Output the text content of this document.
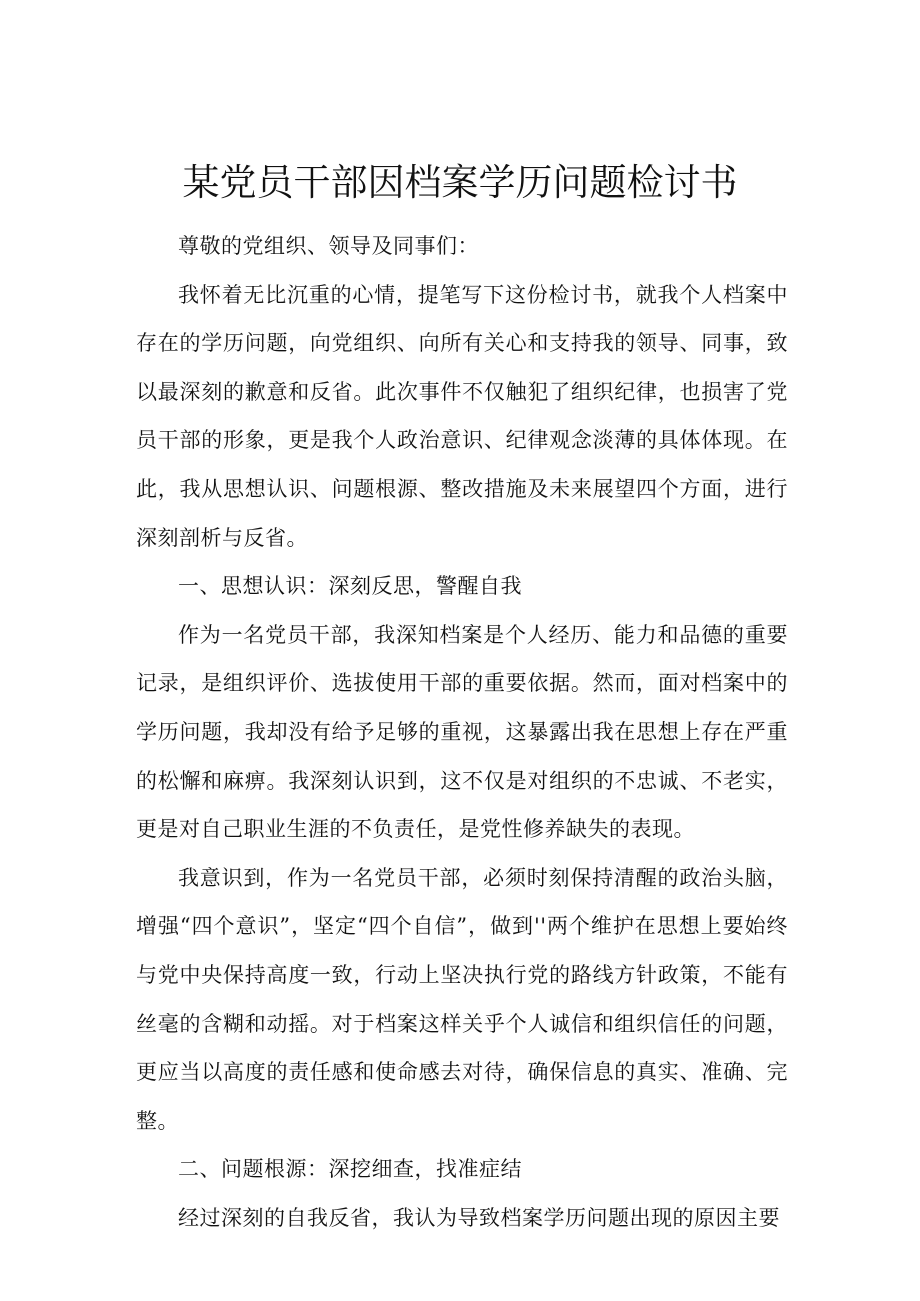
某党员干部因档案学历问题检讨书

尊敬的党组织、领导及同事们：

我怀着无比沉重的心情，提笔写下这份检讨书，就我个人档案中存在的学历问题，向党组织、向所有关心和支持我的领导、同事，致以最深刻的歉意和反省。此次事件不仅触犯了组织纪律，也损害了党员干部的形象，更是我个人政治意识、纪律观念淡薄的具体体现。在此，我从思想认识、问题根源、整改措施及未来展望四个方面，进行深刻剖析与反省。

一、思想认识：深刻反思，警醒自我

作为一名党员干部，我深知档案是个人经历、能力和品德的重要记录，是组织评价、选拔使用干部的重要依据。然而，面对档案中的学历问题，我却没有给予足够的重视，这暴露出我在思想上存在严重的松懈和麻痹。我深刻认识到，这不仅是对组织的不忠诚、不老实，更是对自己职业生涯的不负责任，是党性修养缺失的表现。

我意识到，作为一名党员干部，必须时刻保持清醒的政治头脑，增强“四个意识”，坚定“四个自信”，做到''两个维护在思想上要始终与党中央保持高度一致，行动上坚决执行党的路线方针政策，不能有丝毫的含糊和动摇。对于档案这样关乎个人诚信和组织信任的问题，更应当以高度的责任感和使命感去对待，确保信息的真实、准确、完整。

二、问题根源：深挖细查，找准症结

经过深刻的自我反省，我认为导致档案学历问题出现的原因主要
